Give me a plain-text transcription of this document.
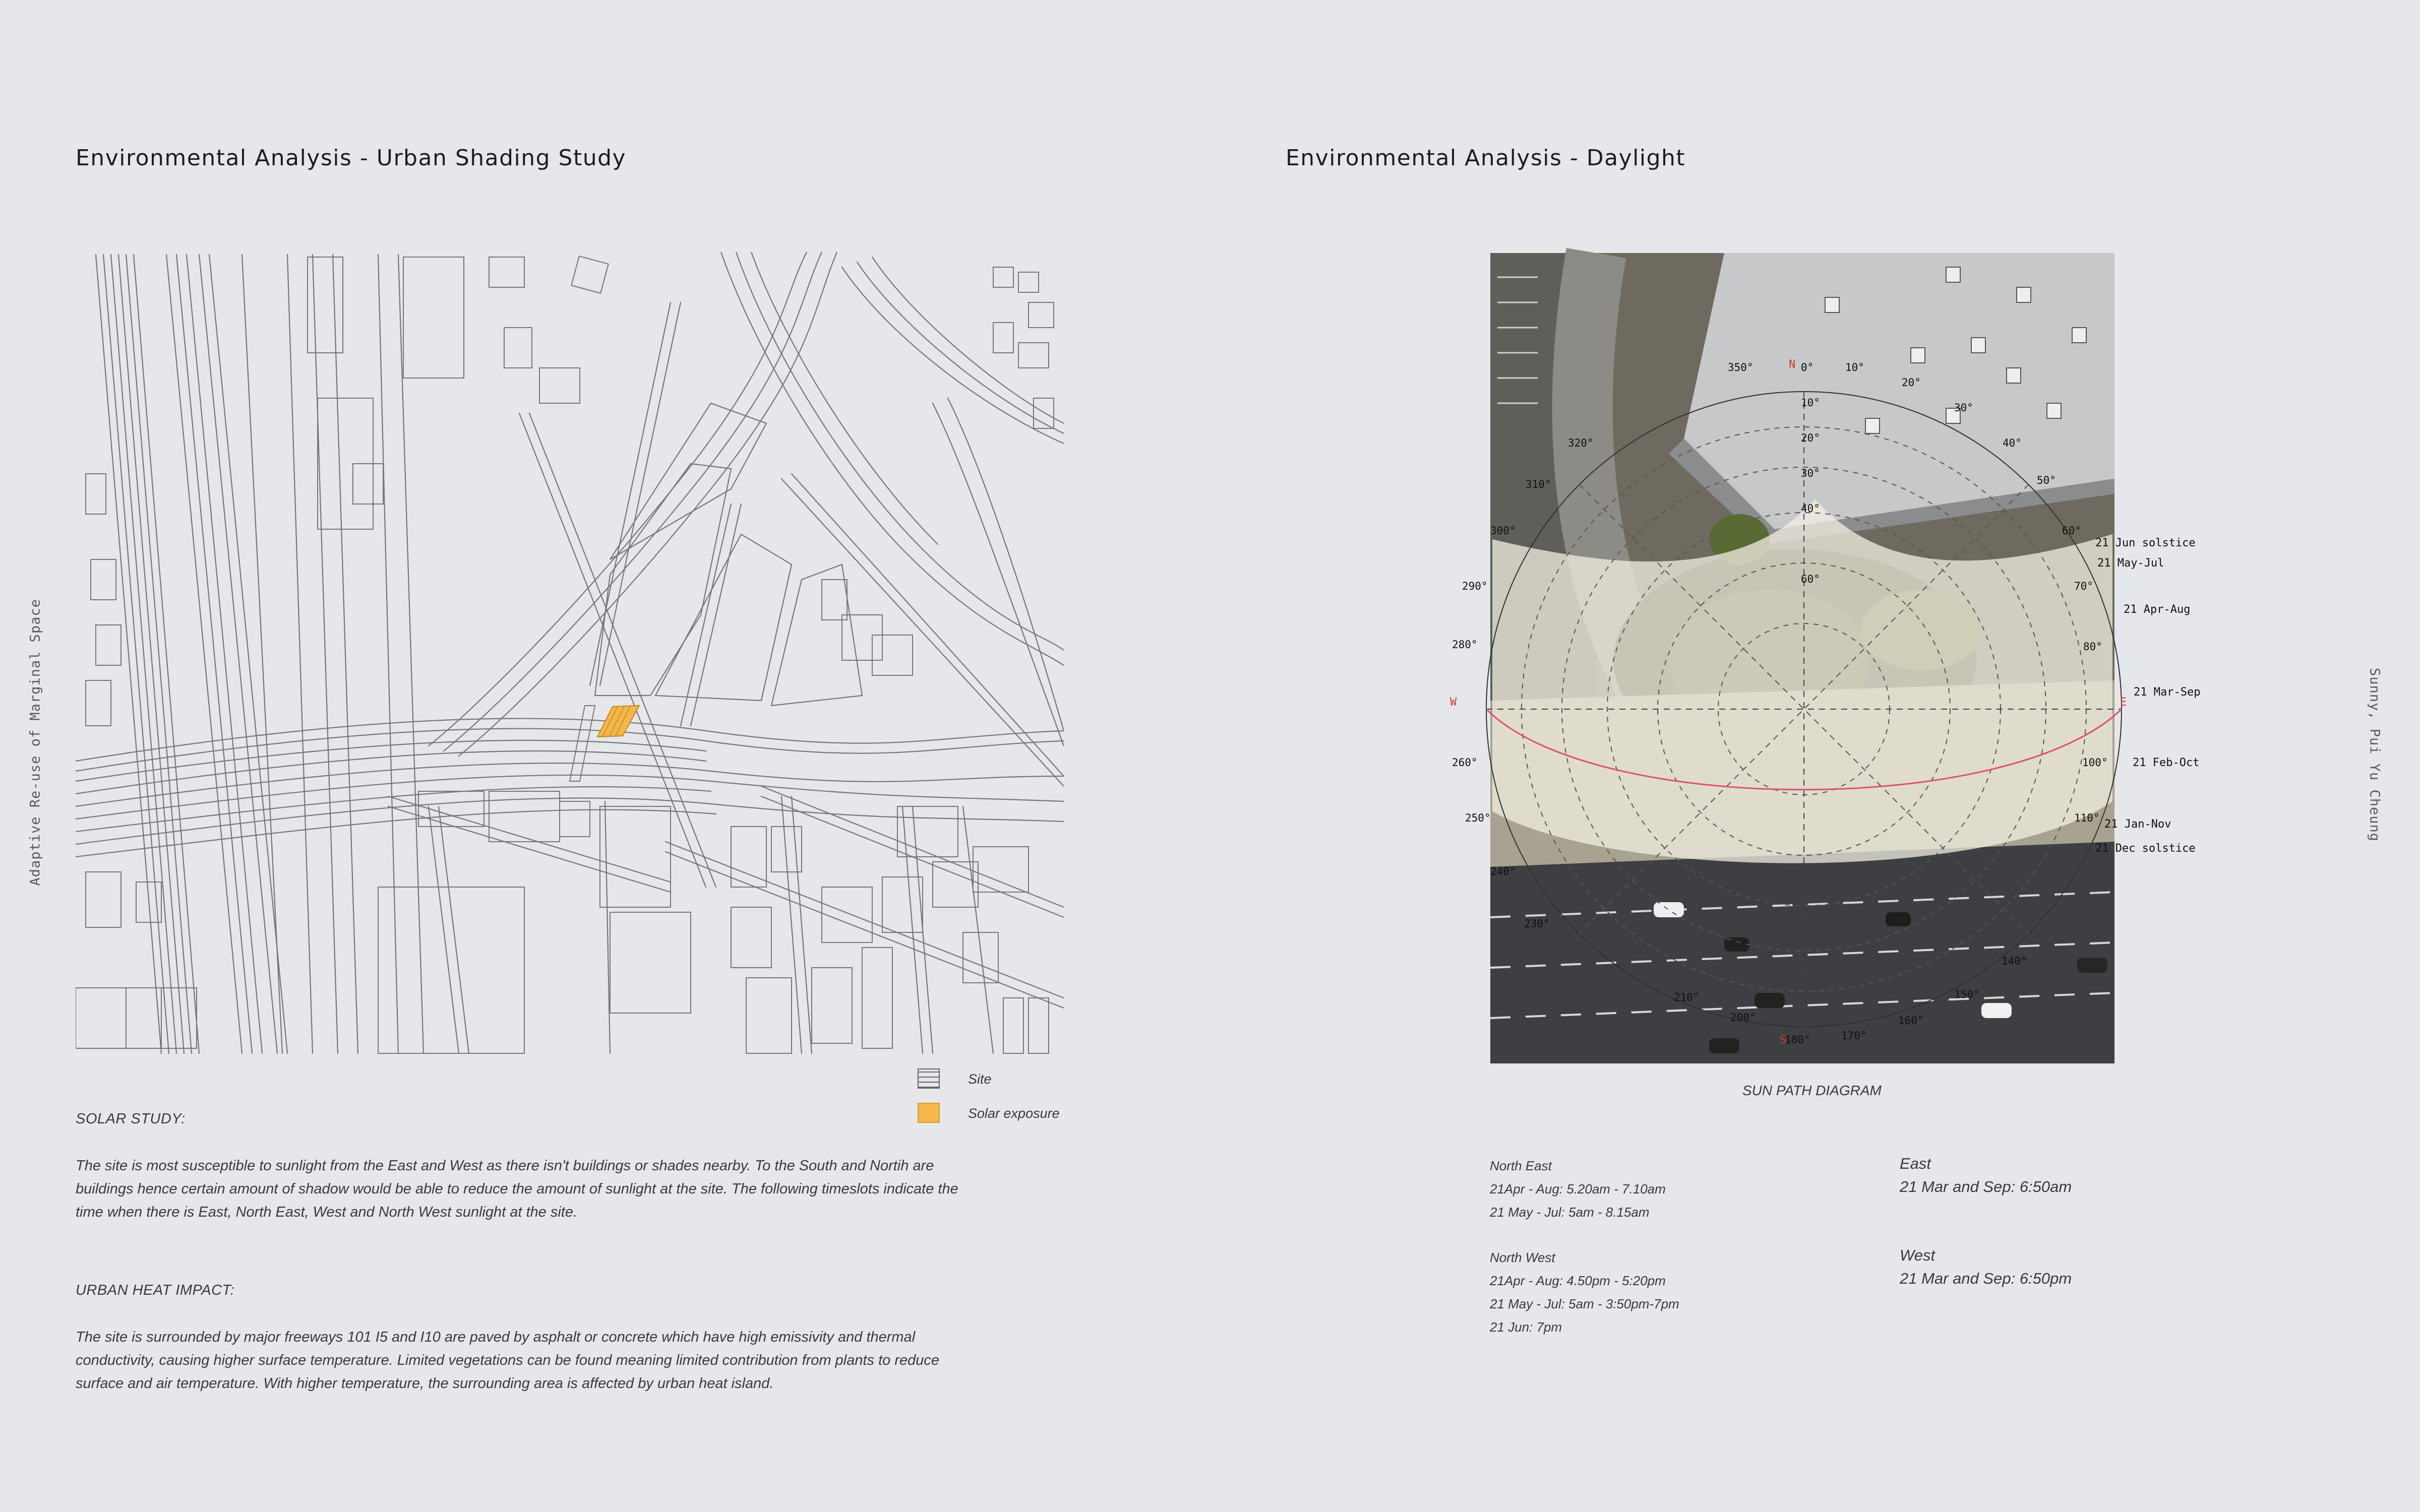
Environmental Analysis - Urban Shading Study
Adaptive Re-use of Marginal Space
Site
Solar exposure
SOLAR STUDY:
The site is most susceptible to sunlight from the East and West as there isn't buildings or shades nearby. To the South and Nortih are
buildings hence certain amount of shadow would be able to reduce the amount of sunlight at the site. The following timeslots indicate the
time when there is East, North East, West and North West sunlight at the site.
URBAN HEAT IMPACT:
The site is surrounded by major freeways 101 I5 and I10 are paved by asphalt or concrete which have high emissivity and thermal
conductivity, causing higher surface temperature. Limited vegetations can be found meaning limited contribution from plants to reduce
surface and air temperature. With higher temperature, the surrounding area is affected by urban heat island.
Environmental Analysis - Daylight
Sunny, Pui Yu Cheung
N
S
E
W
0°	10°
20°
30°
40°
50°
60°
70°
80°
100°
110°
140°
150°
160°
170°
180°
200°
210°
230°
240°
250°
260°
280°
290°
300°
310°
320°
350°
10°
20°
30°
40°
60°
21 Jun solstice
21 May-Jul
21 Apr-Aug
21 Mar-Sep
21 Feb-Oct
21 Jan-Nov
21 Dec solstice
SUN PATH DIAGRAM
North East
21Apr - Aug: 5.20am - 7.10am
21 May - Jul: 5am - 8.15am
North West
21Apr - Aug: 4.50pm - 5:20pm
21 May - Jul: 5am - 3:50pm-7pm
21 Jun: 7pm
East
21 Mar and Sep: 6:50am
West
21 Mar and Sep: 6:50pm
